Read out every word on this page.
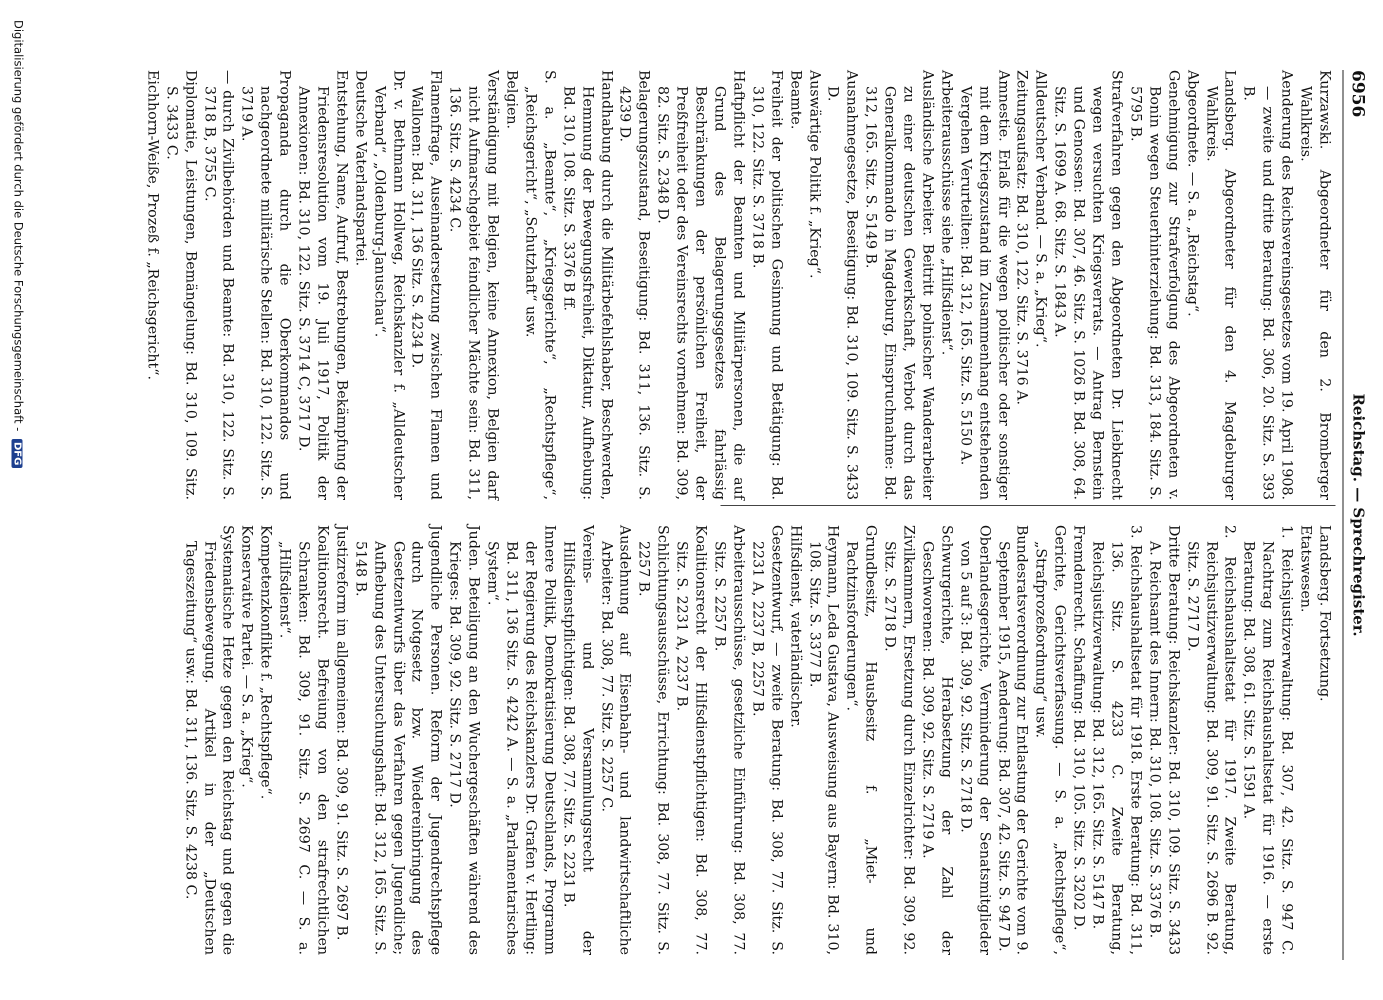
6956
Reichstag. — Sprechregister.

Kurzawski. Abgeordneter für den 2. Bromberger Wahlkreis.

Aenderung des Reichsvereinsgesetzes vom 19. April 1908. — zweite und dritte Beratung: Bd. 306, 20. Sitz. S. 393 B.

Landsberg. Abgeordneter für den 4. Magdeburger Wahlkreis.

Abgeordnete. — S. a. „Reichstag“.

Genehmigung zur Strafverfolgung des Abgeordneten v. Bonin wegen Steuerhinterziehung: Bd. 313, 184. Sitz. S. 5795 B.

Strafverfahren gegen den Abgeordneten Dr. Liebknecht wegen versuchten Kriegsverrats. — Antrag Bernstein und Genossen: Bd. 307, 46. Sitz. S. 1026 B. Bd. 308, 64. Sitz. S. 1699 A. 68. Sitz. S. 1843 A.

Alldeutscher Verband. — S. a. „Krieg“.

Zeitungsaufsatz: Bd. 310, 122. Sitz. S. 3716 A.

Amnestie. Erlaß für die wegen politischer oder sonstiger mit dem Kriegszustand im Zusammenhang entstehenden Vergehen Verurteilten: Bd. 312, 165. Sitz. S. 5150 A.

Arbeiterausschüsse siehe „Hilfsdienst“.

Ausländische Arbeiter. Beitritt polnischer Wanderarbeiter zu einer deutschen Gewerkschaft, Verbot durch das Generalkommando in Magdeburg, Einspruchnahme: Bd. 312, 165. Sitz. S. 5149 B.

Ausnahmegesetze, Beseitigung: Bd. 310, 109. Sitz. S. 3433 D.

Auswärtige Politik f. „Krieg“.

Beamte.

Freiheit der politischen Gesinnung und Betätigung: Bd. 310, 122. Sitz. S. 3718 B.

Haftpflicht der Beamten und Militärpersonen, die auf Grund des Belagerungsgesetzes fahrlässig Beschränkungen der persönlichen Freiheit, der Preßfreiheit oder des Vereinsrechts vornehmen: Bd. 309, 82. Sitz. S. 2348 D.

Belagerungszustand, Beseitigung: Bd. 311, 136. Sitz. S. 4239 D.

Handhabung durch die Militärbefehlshaber, Beschwerden, Hemmung der Bewegungsfreiheit, Diktatur, Aufhebung: Bd. 310, 108. Sitz. S. 3376 B ff.

S. a. „Beamte“, „Kriegsgerichte“, „Rechtspflege“, „Reichsgericht“, „Schutzhaft“ usw.

Belgien.

Verständigung mit Belgien, keine Annexion, Belgien darf nicht Aufmarschgebiet feindlicher Mächte sein: Bd. 311, 136. Sitz. S. 4234 C.

Flamenfrage, Auseinandersetzung zwischen Flamen und Wallonen: Bd. 311, 136 Sitz. S. 4234 D.

Dr. v. Bethmann Hollweg, Reichskanzler f. „Alldeutscher Verband“, „Oldenburg-Januschau“.

Deutsche Vaterlandspartei.

Entstehung, Name, Aufruf, Bestrebungen, Bekämpfung der Friedensresolution vom 19. Juli 1917, Politik der Annexionen: Bd. 310, 122. Sitz. S. 3714 C, 3717 D.

Propaganda durch die Oberkommandos und nachgeordnete militärische Stellen: Bd. 310, 122. Sitz. S. 3719 A.

— durch Zivilbehörden und Beamte: Bd. 310, 122. Sitz. S. 3718 B, 3755 C.

Diplomatie, Leistungen, Bemängelung: Bd. 310, 109. Sitz. S. 3433 C.

Eichhorn-Weiße, Prozeß f. „Reichsgericht“.

Landsberg. Fortsetzung.

Etatswesen.

1. Reichsjustizverwaltung: Bd. 307, 42. Sitz. S. 947 C. Nachtrag zum Reichshaushaltsetat für 1916. — erste Beratung: Bd. 308, 61. Sitz. S. 1591 A.

2. Reichshaushaltsetat für 1917. Zweite Beratung, Reichsjustizverwaltung: Bd. 309, 91. Sitz. S. 2696 B. 92. Sitz. S. 2717 D.

Dritte Beratung: Reichskanzler: Bd. 310, 109. Sitz. S. 3433 A. Reichsamt des Innern: Bd. 310, 108. Sitz. S. 3376 B.

3. Reichshaushaltsetat für 1918. Erste Beratung: Bd. 311, 136. Sitz. S. 4233 C. Zweite Beratung, Reichsjustizverwaltung: Bd. 312, 165. Sitz. S. 5147 B.

Fremdenrecht. Schaffung: Bd. 310, 105. Sitz. S. 3202 D.

Gerichte, Gerichtsverfassung. — S. a. „Rechtspflege“, „Strafprozeßordnung“ usw.

Bundesratsverordnung zur Entlastung der Gerichte vom 9. September 1915, Aenderung: Bd. 307, 42. Sitz. S. 947 D.

Oberlandesgerichte, Verminderung der Senatsmitglieder von 5 auf 3: Bd. 309, 92. Sitz. S. 2718 D.

Schwurgerichte, Herabsetzung der Zahl der Geschworenen: Bd. 309, 92. Sitz. S. 2719 A.

Zivilkammern, Ersetzung durch Einzelrichter: Bd. 309, 92. Sitz. S. 2718 D.

Grundbesitz, Hausbesitz f. „Miet- und Pachtzinsforderungen“.

Heymann, Leda Gustava, Ausweisung aus Bayern: Bd. 310, 108. Sitz. S. 3377 B.

Hilfsdienst, vaterländischer.

Gesetzentwurf, — zweite Beratung: Bd. 308, 77. Sitz. S. 2231 A, 2237 B, 2257 B.

Arbeiterausschüsse, gesetzliche Einführung: Bd. 308, 77. Sitz. S. 2257 B.

Koalitionsrecht der Hilfsdienstpflichtigen: Bd. 308, 77. Sitz. S. 2231 A, 2237 B.

Schlichtungsausschüsse, Errichtung: Bd. 308, 77. Sitz. S. 2257 B.

Ausdehnung auf Eisenbahn- und landwirtschaftliche Arbeiter: Bd. 308, 77. Sitz. S. 2257 C.

Vereins- und Versammlungsrecht der Hilfsdienstpflichtigen: Bd. 308, 77. Sitz. S. 2231 B.

Innere Politik, Demokratisierung Deutschlands, Programm der Regierung des Reichskanzlers Dr. Grafen v. Hertling: Bd. 311, 136 Sitz. S. 4242 A. — S. a. „Parlamentarisches System“.

Juden. Beteiligung an den Wuchergeschäften während des Krieges: Bd. 309, 92. Sitz. S. 2717 D.

Jugendliche Personen. Reform der Jugendrechtspflege durch Notgesetz bzw. Wiedereinbringung des Gesetzentwurfs über das Verfahren gegen Jugendliche; Aufhebung des Untersuchungshaft: Bd. 312, 165. Sitz. S. 5148 B.

Justizreform im allgemeinen: Bd. 309, 91. Sitz. S. 2697 B.

Koalitionsrecht. Befreiung von den strafrechtlichen Schranken: Bd. 309, 91. Sitz. S. 2697 C. — S. a. „Hilfsdienst“.

Kompetenzkonflikte f. „Rechtspflege“.

Konservative Partei. — S. a. „Krieg“.

Systematische Hetze gegen den Reichstag und gegen die Friedensbewegung. Artikel in der „Deutschen Tageszeitung“ usw.: Bd. 311, 136. Sitz. S. 4238 C.

Digitalisierung gefördert durch die Deutsche Forschungsgemeinschaft - DFG
